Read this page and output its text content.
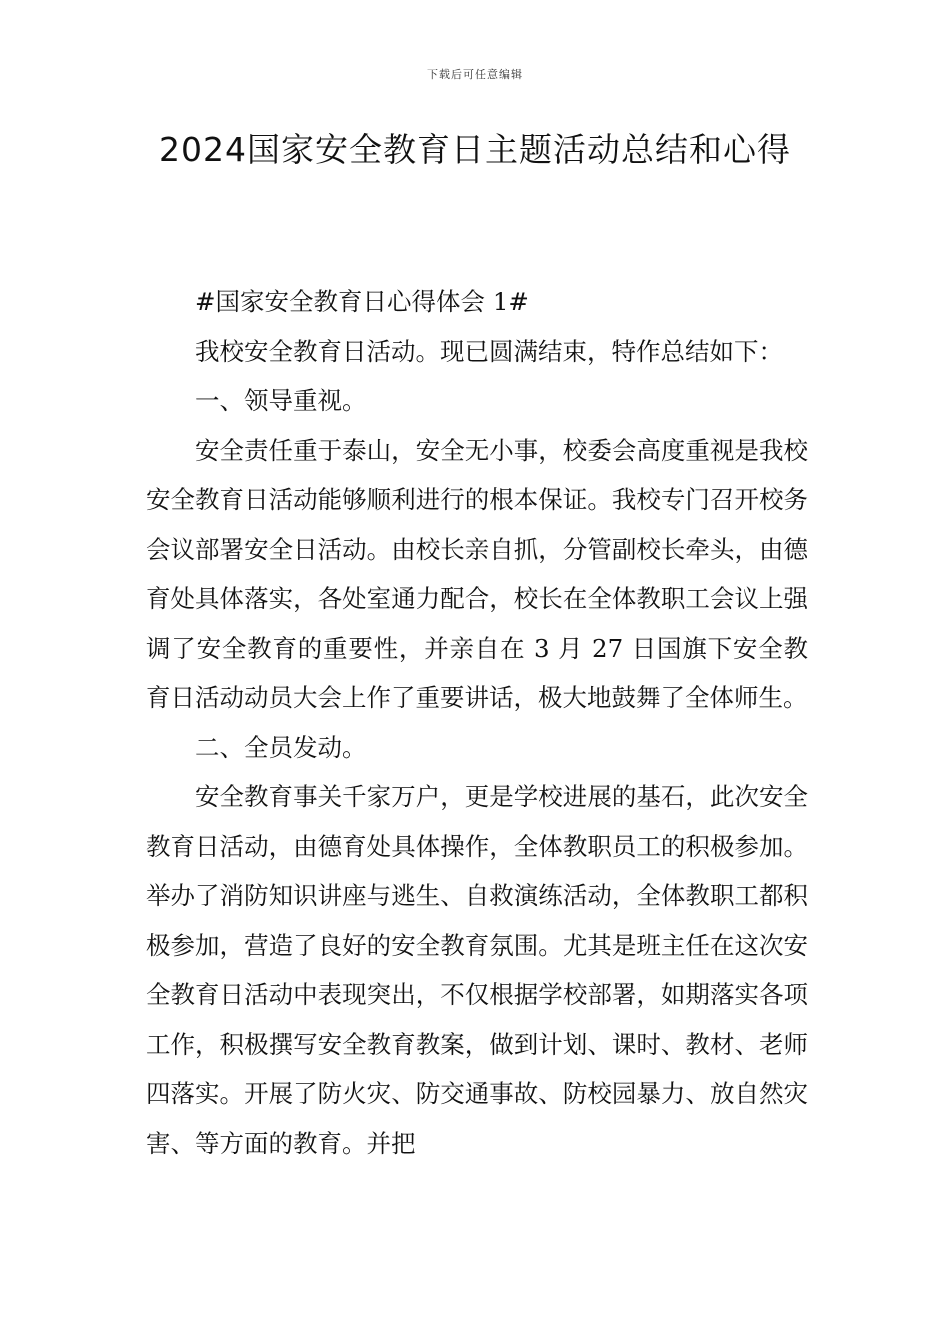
下载后可任意编辑
2024国家安全教育日主题活动总结和心得

#国家安全教育日心得体会 1#

我校安全教育日活动。现已圆满结束，特作总结如下：

一、领导重视。

安全责任重于泰山，安全无小事，校委会高度重视是我校安全教育日活动能够顺利进行的根本保证。我校专门召开校务会议部署安全日活动。由校长亲自抓，分管副校长牵头，由德育处具体落实，各处室通力配合，校长在全体教职工会议上强调了安全教育的重要性，并亲自在 3 月 27 日国旗下安全教育日活动动员大会上作了重要讲话，极大地鼓舞了全体师生。

二、全员发动。

安全教育事关千家万户，更是学校进展的基石，此次安全教育日活动，由德育处具体操作，全体教职员工的积极参加。举办了消防知识讲座与逃生、自救演练活动，全体教职工都积极参加，营造了良好的安全教育氛围。尤其是班主任在这次安全教育日活动中表现突出，不仅根据学校部署，如期落实各项工作，积极撰写安全教育教案，做到计划、课时、教材、老师四落实。开展了防火灾、防交通事故、防校园暴力、放自然灾害、等方面的教育。并把
